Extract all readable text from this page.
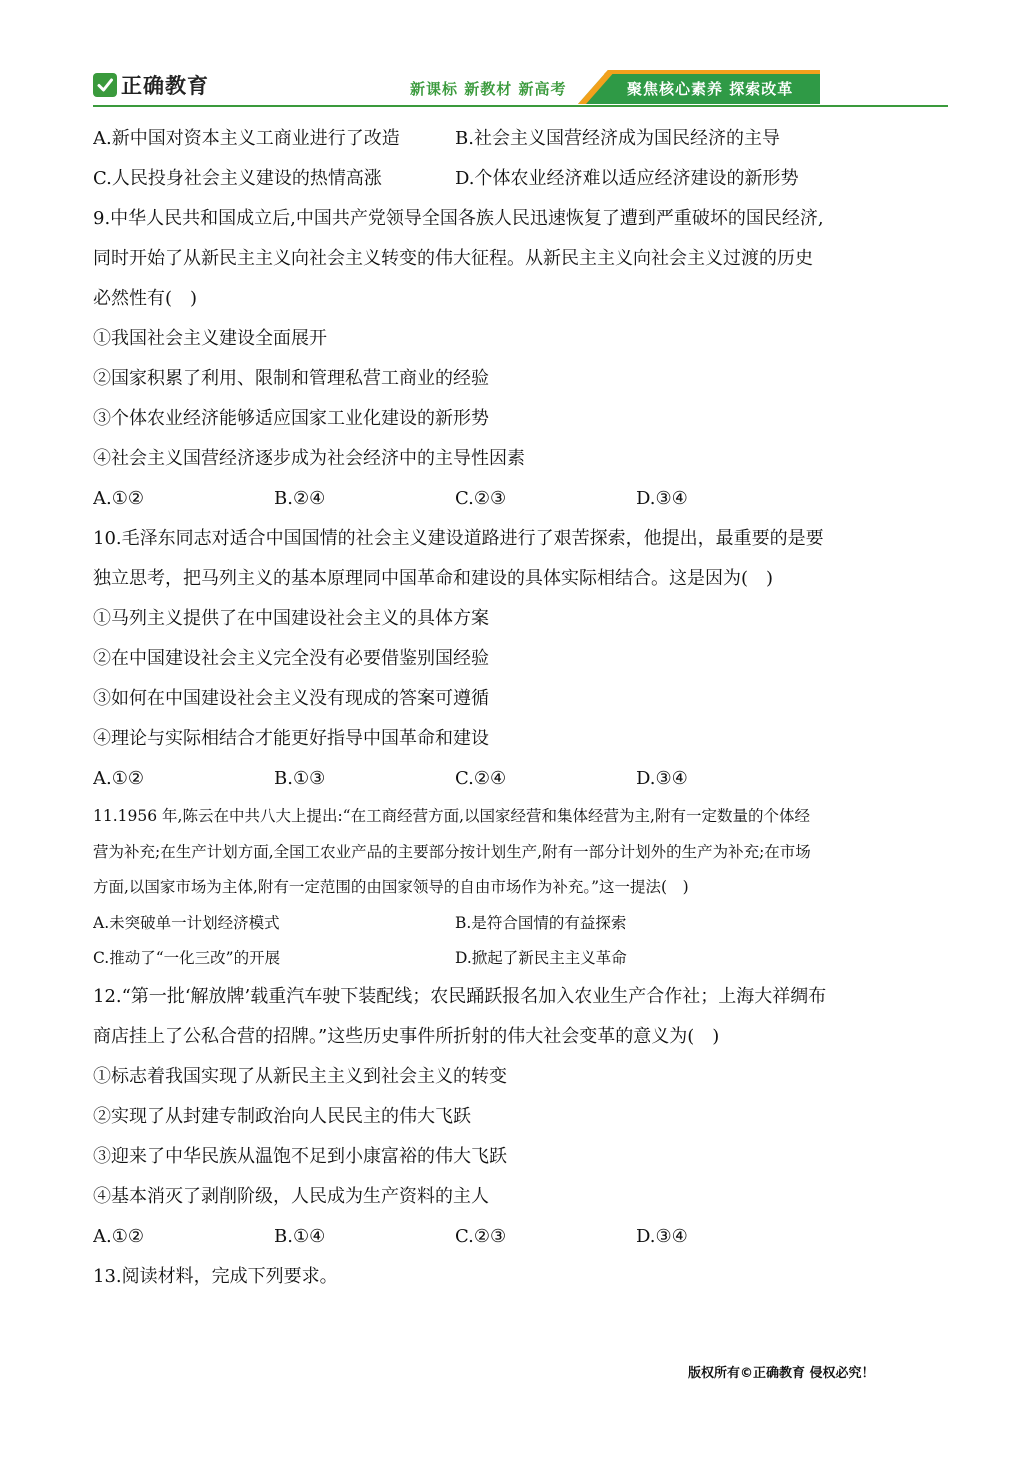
正确教育	新课标 新教材 新高考	聚焦核心素养 探索改革
A.新中国对资本主义工商业进行了改造	B.社会主义国营经济成为国民经济的主导
C.人民投身社会主义建设的热情高涨	D.个体农业经济难以适应经济建设的新形势
9.中华人民共和国成立后,中国共产党领导全国各族人民迅速恢复了遭到严重破坏的国民经济,
同时开始了从新民主主义向社会主义转变的伟大征程。从新民主主义向社会主义过渡的历史
必然性有(　)
①我国社会主义建设全面展开
②国家积累了利用、限制和管理私营工商业的经验
③个体农业经济能够适应国家工业化建设的新形势
④社会主义国营经济逐步成为社会经济中的主导性因素
A.①②	B.②④	C.②③	D.③④
10.毛泽东同志对适合中国国情的社会主义建设道路进行了艰苦探索，他提出，最重要的是要
独立思考，把马列主义的基本原理同中国革命和建设的具体实际相结合。这是因为(　)
①马列主义提供了在中国建设社会主义的具体方案
②在中国建设社会主义完全没有必要借鉴别国经验
③如何在中国建设社会主义没有现成的答案可遵循
④理论与实际相结合才能更好指导中国革命和建设
A.①②	B.①③	C.②④	D.③④
11.1956 年,陈云在中共八大上提出:“在工商经营方面,以国家经营和集体经营为主,附有一定数量的个体经
营为补充;在生产计划方面,全国工农业产品的主要部分按计划生产,附有一部分计划外的生产为补充;在市场
方面,以国家市场为主体,附有一定范围的由国家领导的自由市场作为补充。”这一提法(　)
A.未突破单一计划经济模式	B.是符合国情的有益探索
C.推动了“一化三改”的开展	D.掀起了新民主主义革命
12.“第一批‘解放牌’载重汽车驶下装配线；农民踊跃报名加入农业生产合作社；上海大祥绸布
商店挂上了公私合营的招牌。”这些历史事件所折射的伟大社会变革的意义为(　)
①标志着我国实现了从新民主主义到社会主义的转变
②实现了从封建专制政治向人民民主的伟大飞跃
③迎来了中华民族从温饱不足到小康富裕的伟大飞跃
④基本消灭了剥削阶级，人民成为生产资料的主人
A.①②	B.①④	C.②③	D.③④
13.阅读材料，完成下列要求。
版权所有©正确教育 侵权必究！
